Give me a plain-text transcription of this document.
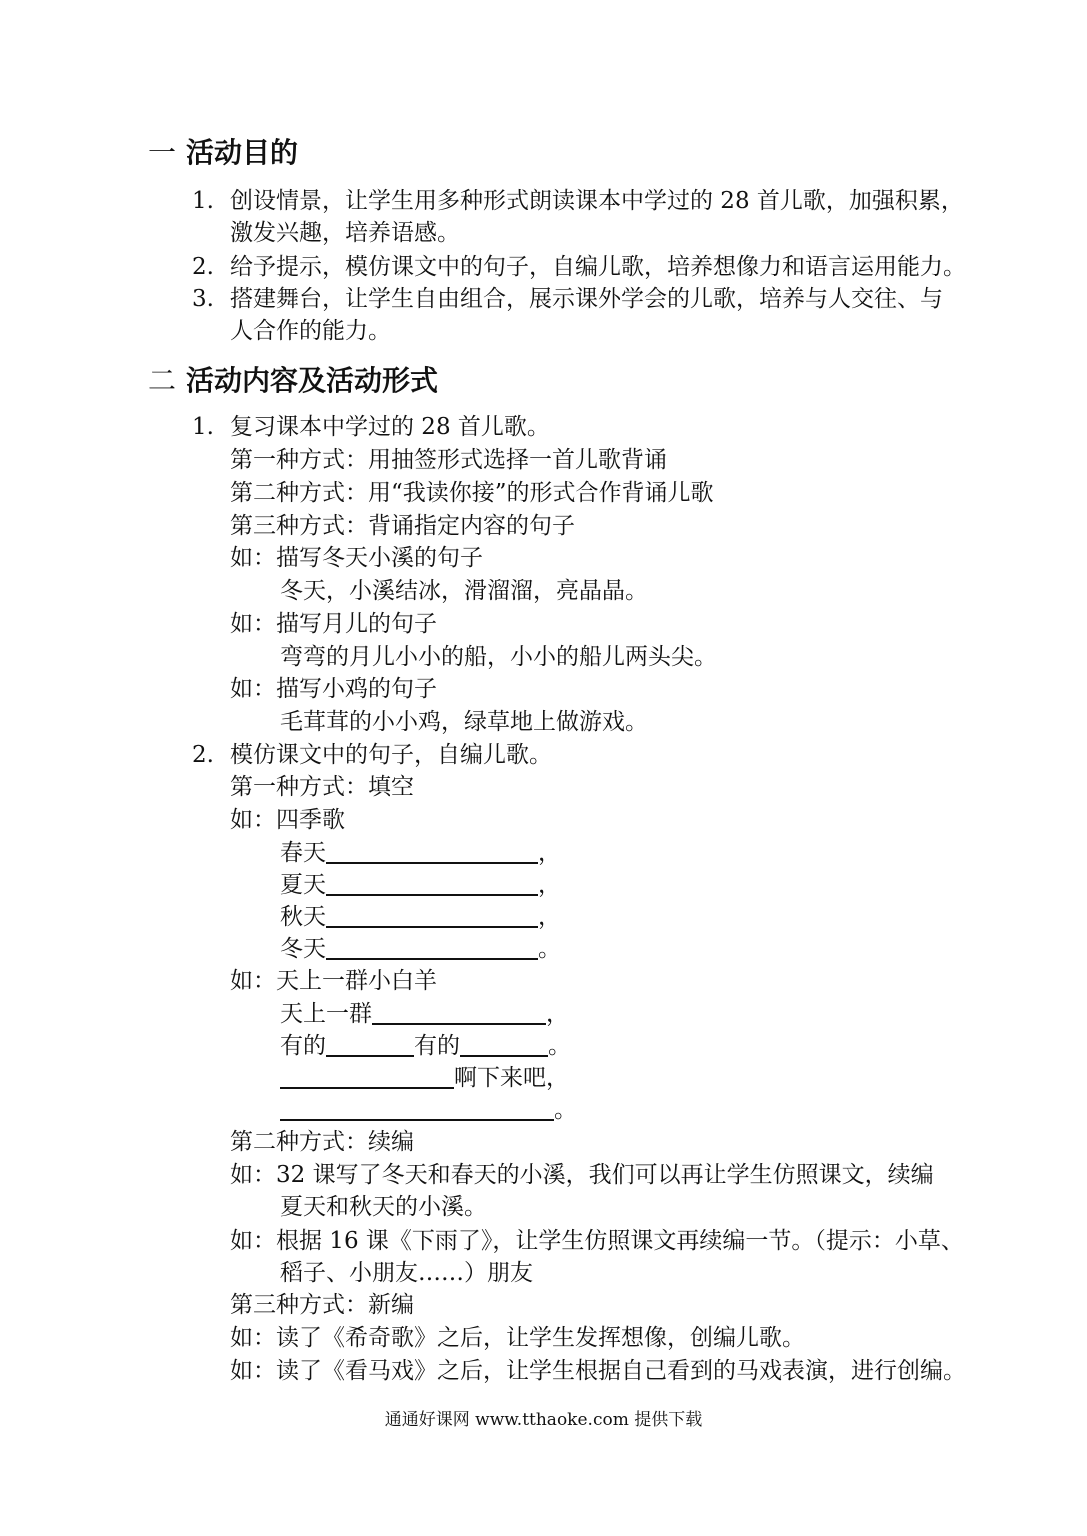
一 活动目的
1. 创设情景，让学生用多种形式朗读课本中学过的 28 首儿歌，加强积累，
激发兴趣，培养语感。
2. 给予提示，模仿课文中的句子，自编儿歌，培养想像力和语言运用能力。
3. 搭建舞台，让学生自由组合，展示课外学会的儿歌，培养与人交往、与
人合作的能力。
二 活动内容及活动形式
1. 复习课本中学过的 28 首儿歌。
第一种方式：用抽签形式选择一首儿歌背诵
第二种方式：用“我读你接”的形式合作背诵儿歌
第三种方式：背诵指定内容的句子
如：描写冬天小溪的句子
冬天，小溪结冰，滑溜溜，亮晶晶。
如：描写月儿的句子
弯弯的月儿小小的船，小小的船儿两头尖。
如：描写小鸡的句子
毛茸茸的小小鸡，绿草地上做游戏。
2. 模仿课文中的句子，自编儿歌。
第一种方式：填空
如：四季歌
春天	，
夏天	，
秋天	，
冬天	。
如：天上一群小白羊
天上一群	，
有的	有的	。
啊下来吧，
。
第二种方式：续编
如：32 课写了冬天和春天的小溪，我们可以再让学生仿照课文，续编
夏天和秋天的小溪。
如：根据 16 课《下雨了》，让学生仿照课文再续编一节。（提示：小草、
稻子、小朋友……）朋友
第三种方式：新编
如：读了《希奇歌》之后，让学生发挥想像，创编儿歌。
如：读了《看马戏》之后，让学生根据自己看到的马戏表演，进行创编。
通通好课网 www.tthaoke.com 提供下载
